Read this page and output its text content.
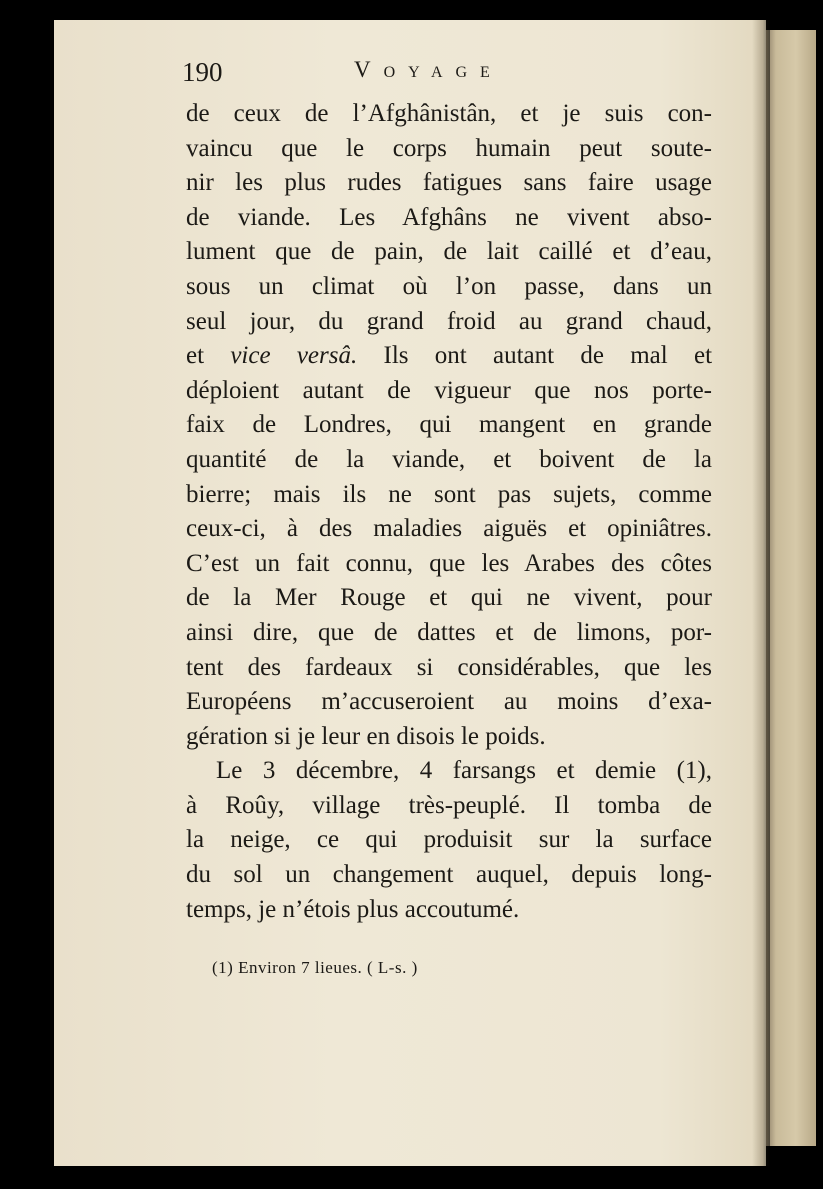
190	Voyage
de ceux de l’Afghânistân, et je suis con-
vaincu que le corps humain peut soute-
nir les plus rudes fatigues sans faire usage
de viande. Les Afghâns ne vivent abso-
lument que de pain, de lait caillé et d’eau,
sous un climat où l’on passe, dans un
seul jour, du grand froid au grand chaud,
et vice versâ. Ils ont autant de mal et
déploient autant de vigueur que nos porte-
faix de Londres, qui mangent en grande
quantité de la viande, et boivent de la
bierre; mais ils ne sont pas sujets, comme
ceux-ci, à des maladies aiguës et opiniâtres.
C’est un fait connu, que les Arabes des côtes
de la Mer Rouge et qui ne vivent, pour
ainsi dire, que de dattes et de limons, por-
tent des fardeaux si considérables, que les
Européens m’accuseroient au moins d’exa-
gération si je leur en disois le poids.
Le 3 décembre, 4 farsangs et demie (1),
à Roûy, village très-peuplé. Il tomba de
la neige, ce qui produisit sur la surface
du sol un changement auquel, depuis long-
temps, je n’étois plus accoutumé.
(1) Environ 7 lieues. ( L-s. )
